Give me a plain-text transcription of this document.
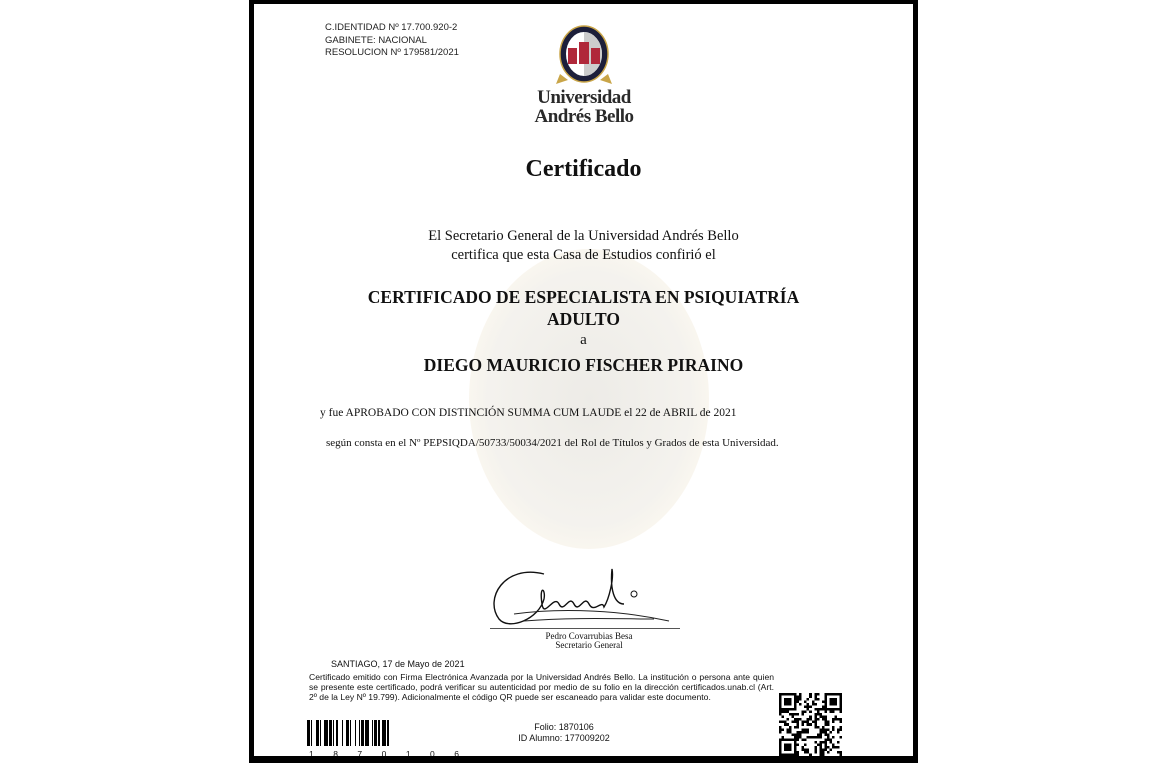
C.IDENTIDAD Nº 17.700.920-2
GABINETE: NACIONAL
RESOLUCION Nº 179581/2021
Universidad
Andrés Bello
Certificado
El Secretario General de la Universidad Andrés Bello
certifica que esta Casa de Estudios confirió el
CERTIFICADO DE ESPECIALISTA EN PSIQUIATRÍA
ADULTO
a
DIEGO MAURICIO FISCHER PIRAINO
y fue APROBADO CON DISTINCIÓN SUMMA CUM LAUDE el 22 de ABRIL de 2021
según consta en el Nº PEPSIQDA/50733/50034/2021 del Rol de Títulos y Grados de esta Universidad.
Pedro Covarrubias Besa
Secretario General
SANTIAGO, 17 de Mayo de 2021
Certificado emitido con Firma Electrónica Avanzada por la Universidad Andrés Bello. La institución o persona ante quien se presente este certificado, podrá verificar su autenticidad por medio de su folio en la dirección certificados.unab.cl (Art. 2º de la Ley Nº 19.799). Adicionalmente el código QR puede ser escaneado para validar este documento.
1 8 7 0 1 0 6
Folio: 1870106
ID Alumno: 177009202
